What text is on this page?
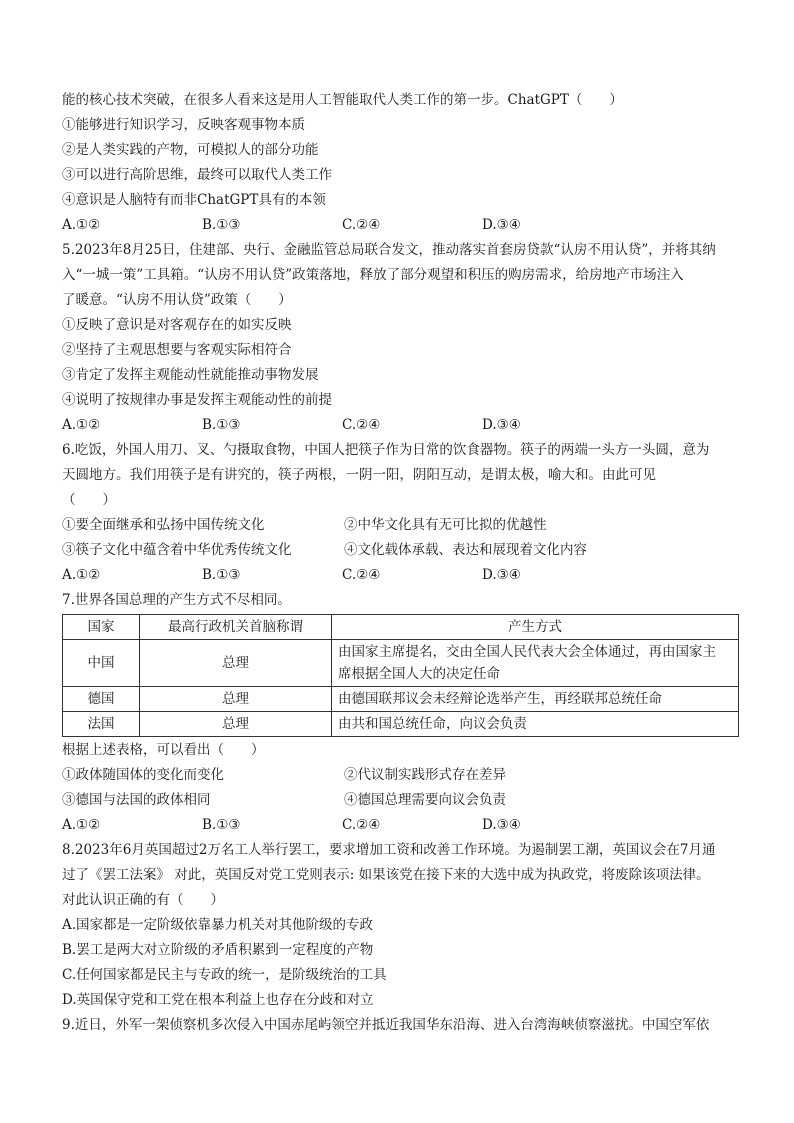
能的核心技术突破，在很多人看来这是用人工智能取代人类工作的第一步。ChatGPT（　　）
①能够进行知识学习，反映客观事物本质
②是人类实践的产物，可模拟人的部分功能
③可以进行高阶思维，最终可以取代人类工作
④意识是人脑特有而非ChatGPT具有的本领
A.①②	B.①③	C.②④	D.③④
5.2023年8月25日，住建部、央行、金融监管总局联合发文，推动落实首套房贷款“认房不用认贷”，并将其纳
入“一城一策”工具箱。“认房不用认贷”政策落地，释放了部分观望和积压的购房需求，给房地产市场注入
了暖意。“认房不用认贷”政策（　　）
①反映了意识是对客观存在的如实反映
②坚持了主观思想要与客观实际相符合
③肯定了发挥主观能动性就能推动事物发展
④说明了按规律办事是发挥主观能动性的前提
A.①②	B.①③	C.②④	D.③④
6.吃饭，外国人用刀、叉、勺摄取食物，中国人把筷子作为日常的饮食器物。筷子的两端一头方一头圆，意为
天圆地方。我们用筷子是有讲究的，筷子两根，一阴一阳，阴阳互动，是谓太极，喻大和。由此可见
（　　）
①要全面继承和弘扬中国传统文化	②中华文化具有无可比拟的优越性
③筷子文化中蕴含着中华优秀传统文化	④文化载体承载、表达和展现着文化内容
A.①②	B.①③	C.②④	D.③④
7.世界各国总理的产生方式不尽相同。
国家	最高行政机关首脑称谓	产生方式
中国	总理	由国家主席提名，交由全国人民代表大会全体通过，再由国家主
席根据全国人大的决定任命

德国	总理	由德国联邦议会未经辩论选举产生，再经联邦总统任命
法国	总理	由共和国总统任命，向议会负责
根据上述表格，可以看出（　　）
①政体随国体的变化而变化	②代议制实践形式存在差异
③德国与法国的政体相同	④德国总理需要向议会负责
A.①②	B.①③	C.②④	D.③④
8.2023年6月英国超过2万名工人举行罢工，要求增加工资和改善工作环境。为遏制罢工潮，英国议会在7月通
过了《罢工法案》 对此，英国反对党工党则表示: 如果该党在接下来的大选中成为执政党，将废除该项法律。
对此认识正确的有（　　）
A.国家都是一定阶级依靠暴力机关对其他阶级的专政
B.罢工是两大对立阶级的矛盾积累到一定程度的产物
C.任何国家都是民主与专政的统一，是阶级统治的工具
D.英国保守党和工党在根本利益上也存在分歧和对立
9.近日，外军一架侦察机多次侵入中国赤尾屿领空并抵近我国华东沿海、进入台湾海峡侦察滋扰。中国空军依
